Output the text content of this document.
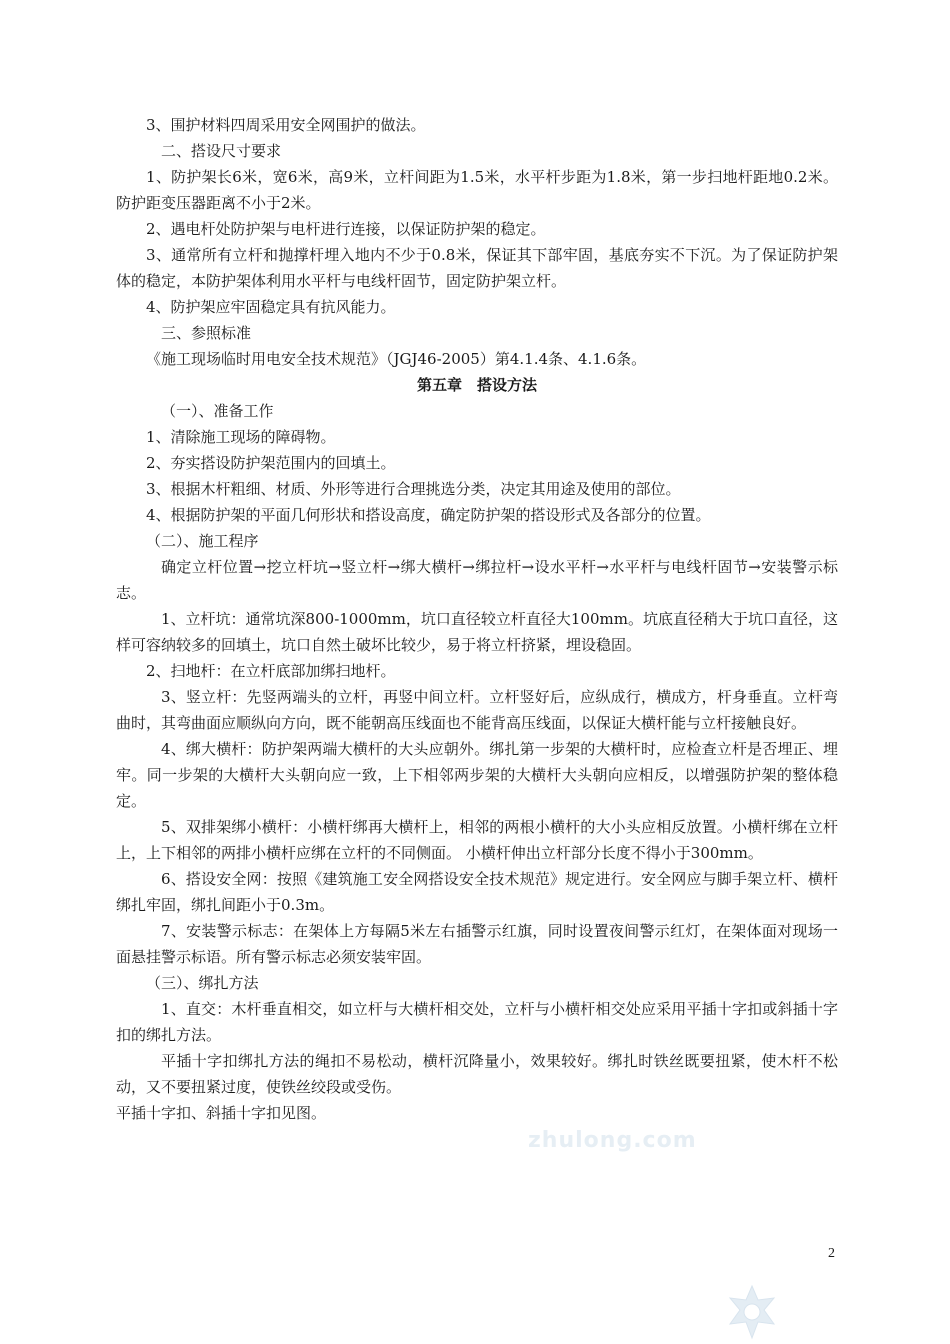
3、围护材料四周采用安全网围护的做法。

二、搭设尺寸要求

1、防护架长6米，宽6米，高9米，立杆间距为1.5米，水平杆步距为1.8米，第一步扫地杆距地0.2米。防护距变压器距离不小于2米。

2、遇电杆处防护架与电杆进行连接，以保证防护架的稳定。

3、通常所有立杆和抛撑杆埋入地内不少于0.8米，保证其下部牢固，基底夯实不下沉。为了保证防护架体的稳定，本防护架体利用水平杆与电线杆固节，固定防护架立杆。

4、防护架应牢固稳定具有抗风能力。

三、参照标准

《施工现场临时用电安全技术规范》（JGJ46-2005）第4.1.4条、4.1.6条。

第五章　搭设方法

（一）、准备工作

1、清除施工现场的障碍物。

2、夯实搭设防护架范围内的回填土。

3、根据木杆粗细、材质、外形等进行合理挑选分类，决定其用途及使用的部位。

4、根据防护架的平面几何形状和搭设高度，确定防护架的搭设形式及各部分的位置。

（二）、施工程序

确定立杆位置→挖立杆坑→竖立杆→绑大横杆→绑拉杆→设水平杆→水平杆与电线杆固节→安装警示标志。

1、立杆坑：通常坑深800-1000mm，坑口直径较立杆直径大100mm。坑底直径稍大于坑口直径，这样可容纳较多的回填土，坑口自然土破坏比较少，易于将立杆挤紧，埋设稳固。

2、扫地杆：在立杆底部加绑扫地杆。

3、竖立杆：先竖两端头的立杆，再竖中间立杆。立杆竖好后，应纵成行，横成方，杆身垂直。立杆弯曲时，其弯曲面应顺纵向方向，既不能朝高压线面也不能背高压线面，以保证大横杆能与立杆接触良好。

4、绑大横杆：防护架两端大横杆的大头应朝外。绑扎第一步架的大横杆时，应检查立杆是否埋正、埋牢。同一步架的大横杆大头朝向应一致，上下相邻两步架的大横杆大头朝向应相反，以增强防护架的整体稳定。

5、双排架绑小横杆：小横杆绑再大横杆上，相邻的两根小横杆的大小头应相反放置。小横杆绑在立杆上，上下相邻的两排小横杆应绑在立杆的不同侧面。 小横杆伸出立杆部分长度不得小于300mm。

6、搭设安全网：按照《建筑施工安全网搭设安全技术规范》规定进行。安全网应与脚手架立杆、横杆绑扎牢固，绑扎间距小于0.3m。

7、安装警示标志：在架体上方每隔5米左右插警示红旗，同时设置夜间警示红灯，在架体面对现场一面悬挂警示标语。所有警示标志必须安装牢固。

（三）、绑扎方法

1、直交：木杆垂直相交，如立杆与大横杆相交处，立杆与小横杆相交处应采用平插十字扣或斜插十字扣的绑扎方法。

平插十字扣绑扎方法的绳扣不易松动，横杆沉降量小，效果较好。绑扎时铁丝既要扭紧，使木杆不松动，又不要扭紧过度，使铁丝绞段或受伤。

平插十字扣、斜插十字扣见图。

zhulong.com
2
